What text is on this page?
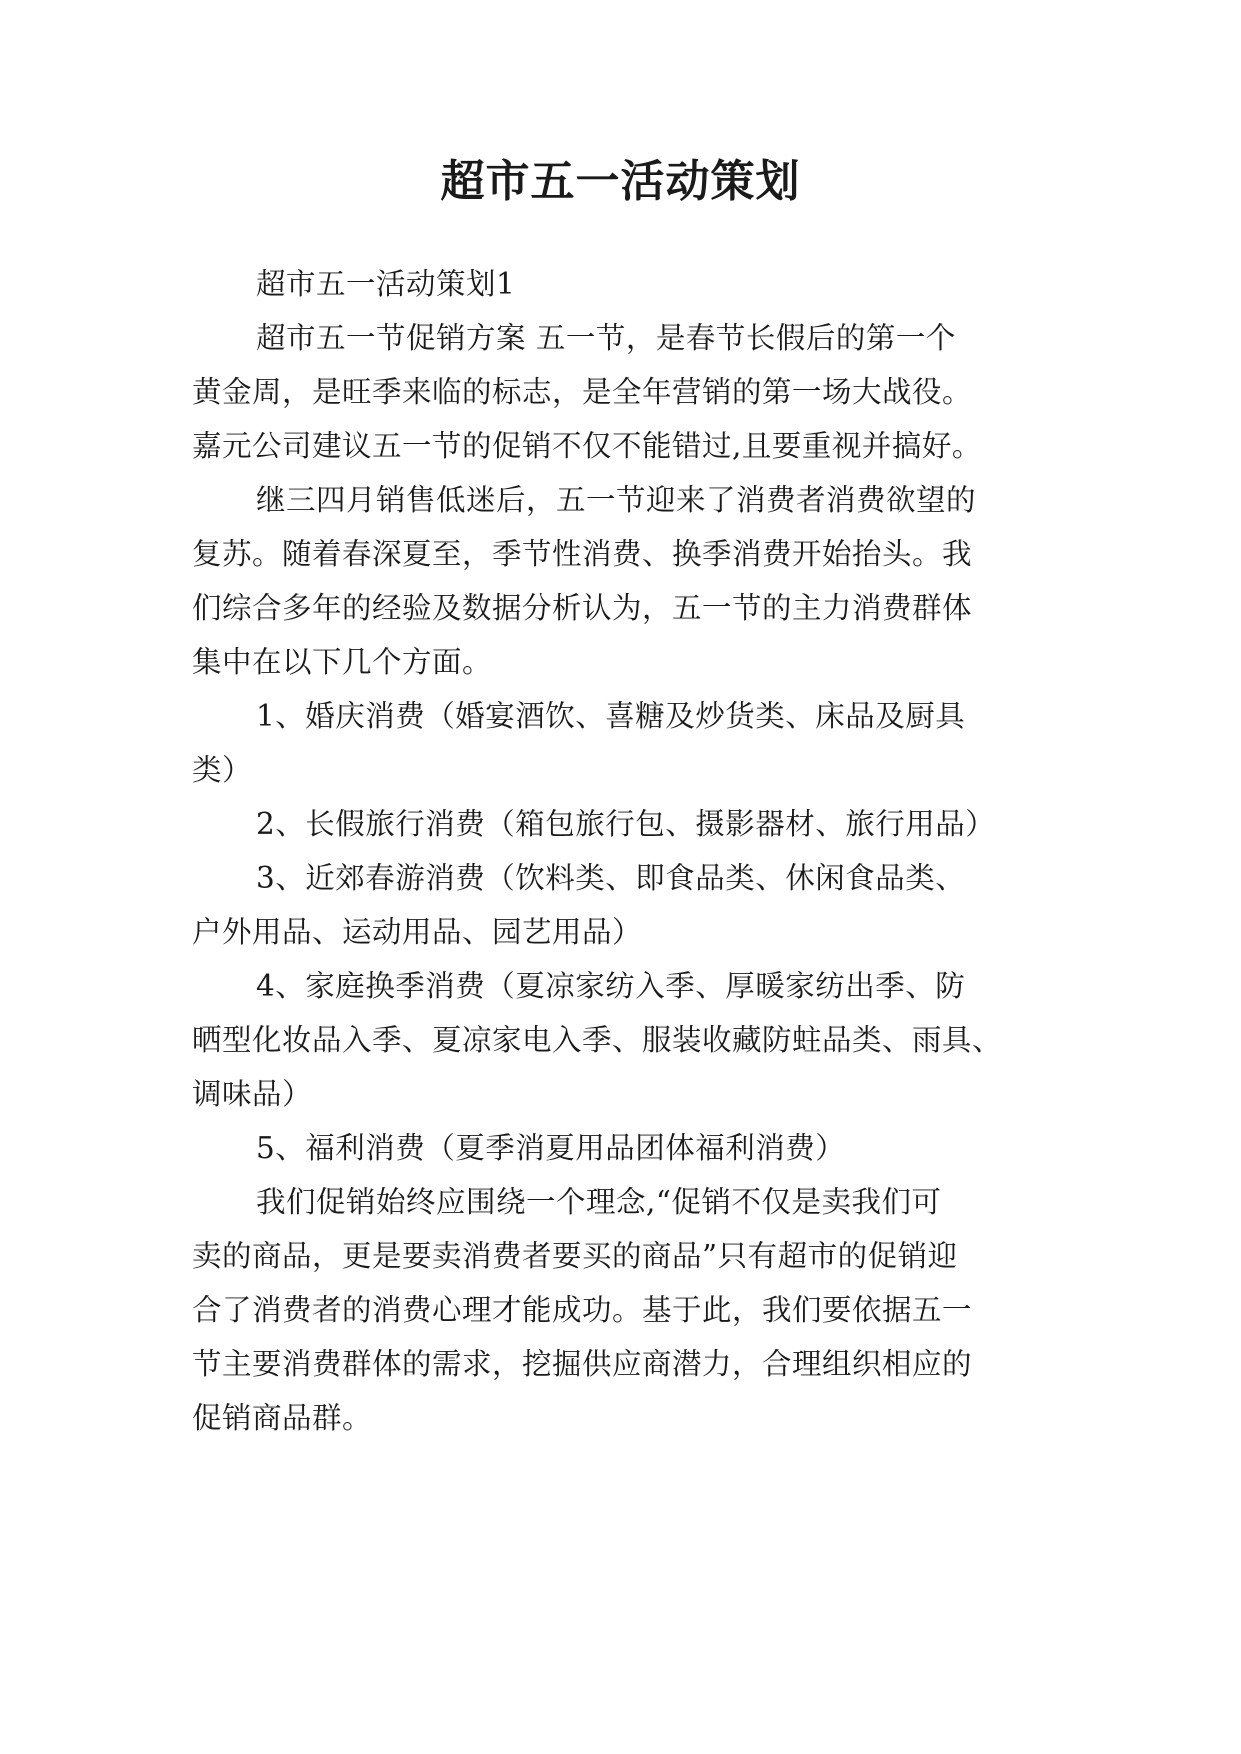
超市五一活动策划
超市五一活动策划1
超市五一节促销方案 五一节，是春节长假后的第一个
黄金周，是旺季来临的标志，是全年营销的第一场大战役。
嘉元公司建议五一节的促销不仅不能错过,且要重视并搞好。
继三四月销售低迷后，五一节迎来了消费者消费欲望的
复苏。随着春深夏至，季节性消费、换季消费开始抬头。我
们综合多年的经验及数据分析认为，五一节的主力消费群体
集中在以下几个方面。
1、婚庆消费（婚宴酒饮、喜糖及炒货类、床品及厨具
类）
2、长假旅行消费（箱包旅行包、摄影器材、旅行用品）
3、近郊春游消费（饮料类、即食品类、休闲食品类、
户外用品、运动用品、园艺用品）
4、家庭换季消费（夏凉家纺入季、厚暖家纺出季、防
晒型化妆品入季、夏凉家电入季、服装收藏防蛀品类、雨具、
调味品）
5、福利消费（夏季消夏用品团体福利消费）
我们促销始终应围绕一个理念,“促销不仅是卖我们可
卖的商品，更是要卖消费者要买的商品”只有超市的促销迎
合了消费者的消费心理才能成功。基于此，我们要依据五一
节主要消费群体的需求，挖掘供应商潜力，合理组织相应的
促销商品群。
